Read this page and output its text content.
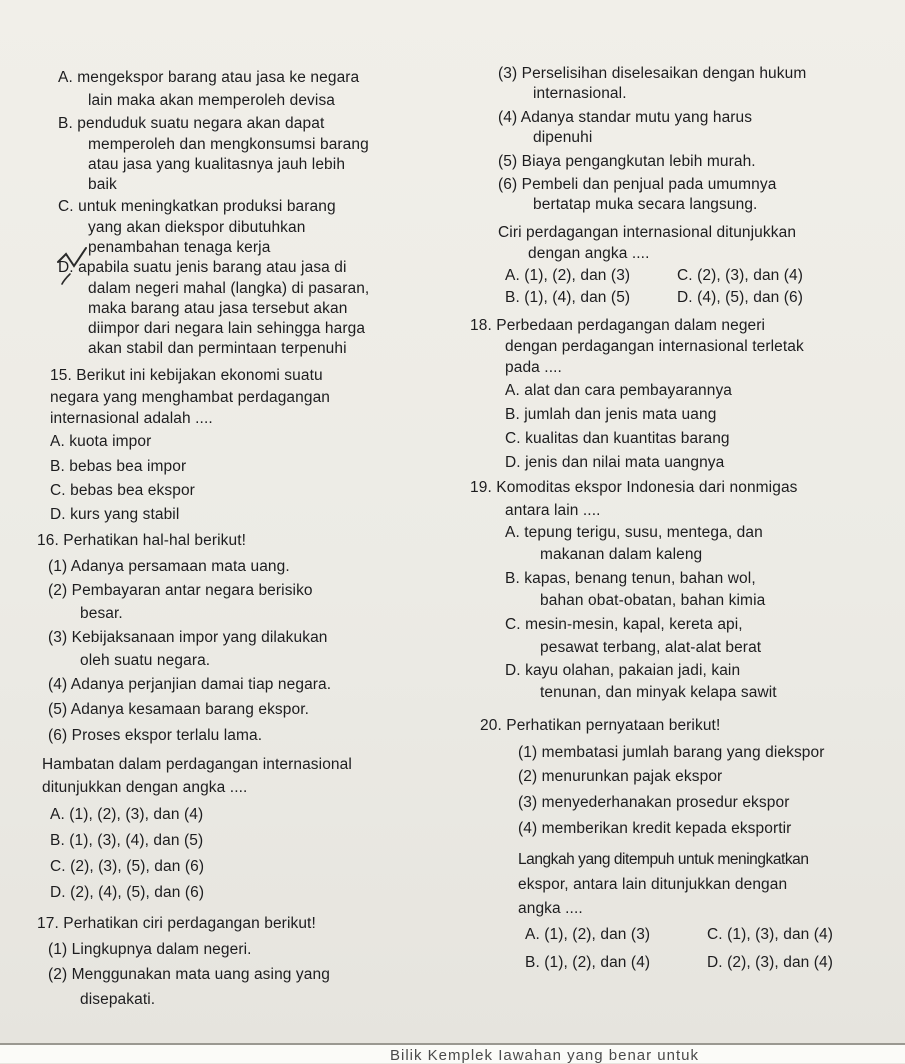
A. mengekspor barang atau jasa ke negara
lain maka akan memperoleh devisa
B. penduduk suatu negara akan dapat
memperoleh dan mengkonsumsi barang
atau jasa yang kualitasnya jauh lebih
baik
C. untuk meningkatkan produksi barang
yang akan diekspor dibutuhkan
penambahan tenaga kerja
D. apabila suatu jenis barang atau jasa di
dalam negeri mahal (langka) di pasaran,
maka barang atau jasa tersebut akan
diimpor dari negara lain sehingga harga
akan stabil dan permintaan terpenuhi
15. Berikut ini kebijakan ekonomi suatu
negara yang menghambat perdagangan
internasional adalah ....
A. kuota impor
B. bebas bea impor
C. bebas bea ekspor
D. kurs yang stabil
16. Perhatikan hal-hal berikut!
(1) Adanya persamaan mata uang.
(2) Pembayaran antar negara berisiko
besar.
(3) Kebijaksanaan impor yang dilakukan
oleh suatu negara.
(4) Adanya perjanjian damai tiap negara.
(5) Adanya kesamaan barang ekspor.
(6) Proses ekspor terlalu lama.
Hambatan dalam perdagangan internasional
ditunjukkan dengan angka ....
A. (1), (2), (3), dan (4)
B. (1), (3), (4), dan (5)
C. (2), (3), (5), dan (6)
D. (2), (4), (5), dan (6)
17. Perhatikan ciri perdagangan berikut!
(1) Lingkupnya dalam negeri.
(2) Menggunakan mata uang asing yang
disepakati.
(3) Perselisihan diselesaikan dengan hukum
internasional.
(4) Adanya standar mutu yang harus
dipenuhi
(5) Biaya pengangkutan lebih murah.
(6) Pembeli dan penjual pada umumnya
bertatap muka secara langsung.
Ciri perdagangan internasional ditunjukkan
dengan angka ....
A. (1), (2), dan (3)	C. (2), (3), dan (4)
B. (1), (4), dan (5)	D. (4), (5), dan (6)
18. Perbedaan perdagangan dalam negeri
dengan perdagangan internasional terletak
pada ....
A. alat dan cara pembayarannya
B. jumlah dan jenis mata uang
C. kualitas dan kuantitas barang
D. jenis dan nilai mata uangnya
19. Komoditas ekspor Indonesia dari nonmigas
antara lain ....
A. tepung terigu, susu, mentega, dan
makanan dalam kaleng
B. kapas, benang tenun, bahan wol,
bahan obat-obatan, bahan kimia
C. mesin-mesin, kapal, kereta api,
pesawat terbang, alat-alat berat
D. kayu olahan, pakaian jadi, kain
tenunan, dan minyak kelapa sawit
20. Perhatikan pernyataan berikut!
(1) membatasi jumlah barang yang diekspor
(2) menurunkan pajak ekspor
(3) menyederhanakan prosedur ekspor
(4) memberikan kredit kepada eksportir
Langkah yang ditempuh untuk meningkatkan
ekspor, antara lain ditunjukkan dengan
angka ....
A. (1), (2), dan (3)	C. (1), (3), dan (4)
B. (1), (2), dan (4)	D. (2), (3), dan (4)
Bilik Kemplek Iawahan yang benar untuk
